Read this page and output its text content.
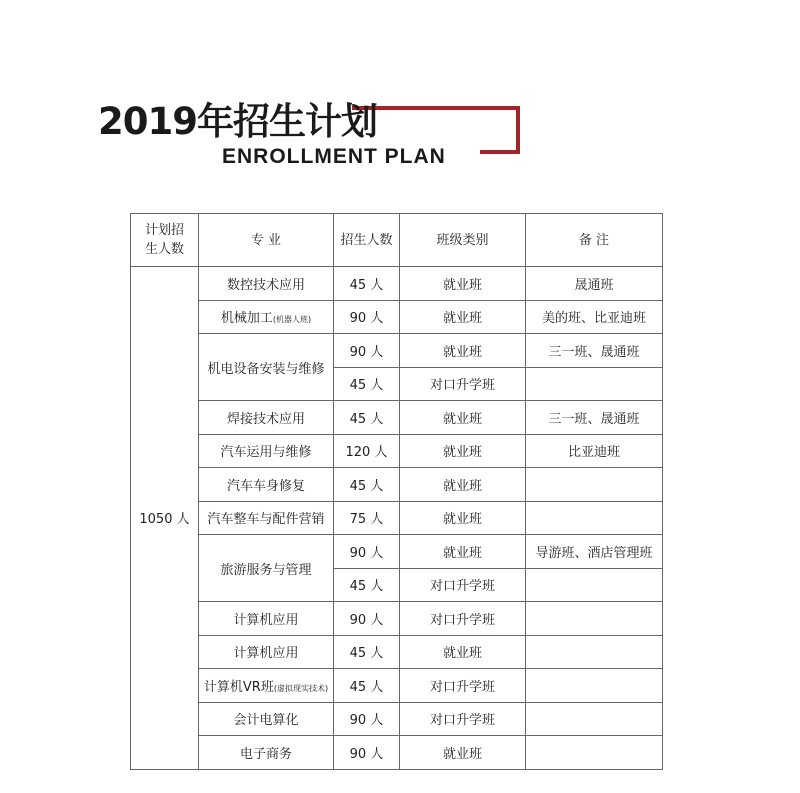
2019年招生计划
ENROLLMENT PLAN
计划招生人数	专 业	招生人数	班级类别	备 注
1050 人	数控技术应用	45 人	就业班	晟通班
	机械加工(机器人班)	90 人	就业班	美的班、比亚迪班
	机电设备安装与维修	90 人	就业班	三一班、晟通班
		45 人	对口升学班	
	焊接技术应用	45 人	就业班	三一班、晟通班
	汽车运用与维修	120 人	就业班	比亚迪班
	汽车车身修复	45 人	就业班	
	汽车整车与配件营销	75 人	就业班	
	旅游服务与管理	90 人	就业班	导游班、酒店管理班
		45 人	对口升学班	
	计算机应用	90 人	对口升学班	
	计算机应用	45 人	就业班	
	计算机VR班(虚拟现实技术)	45 人	对口升学班	
	会计电算化	90 人	对口升学班	
	电子商务	90 人	就业班	
